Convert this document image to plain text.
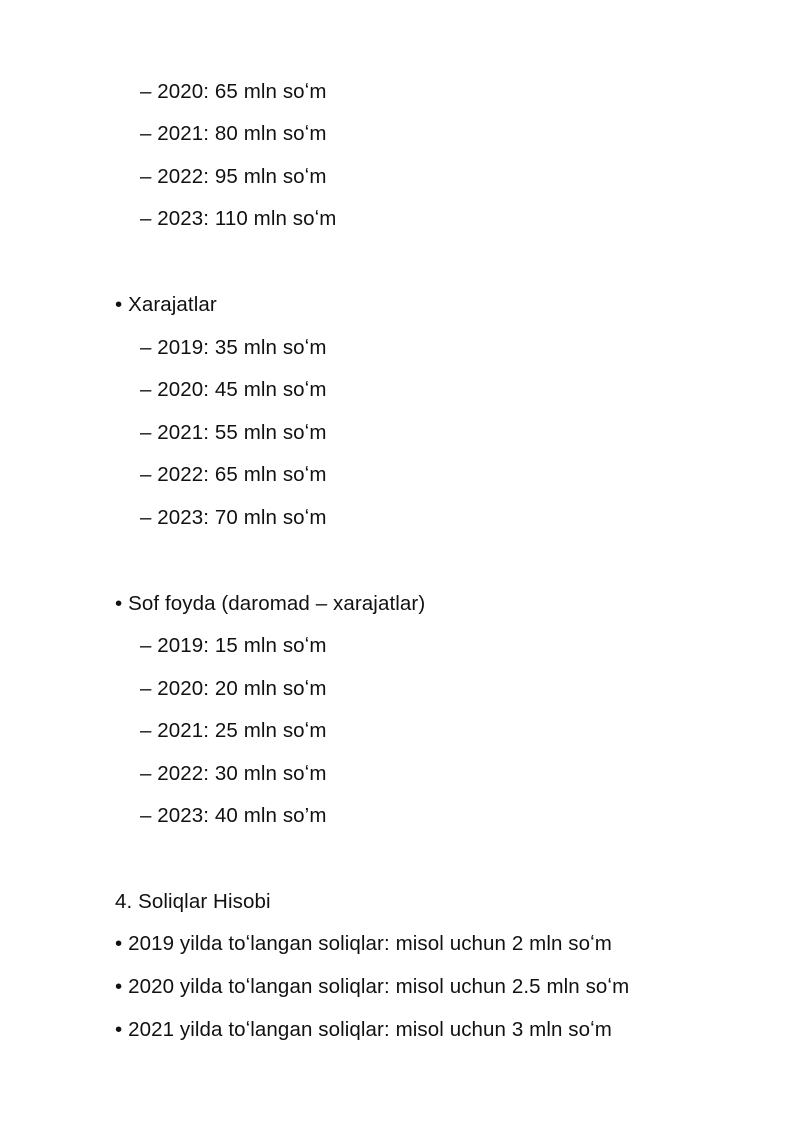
– 2020: 65 mln soʻm
– 2021: 80 mln soʻm
– 2022: 95 mln soʻm
– 2023: 110 mln soʻm
• Xarajatlar
– 2019: 35 mln soʻm
– 2020: 45 mln soʻm
– 2021: 55 mln soʻm
– 2022: 65 mln soʻm
– 2023: 70 mln soʻm
• Sof foyda (daromad – xarajatlar)
– 2019: 15 mln soʻm
– 2020: 20 mln soʻm
– 2021: 25 mln soʻm
– 2022: 30 mln soʻm
– 2023: 40 mln so’m
4. Soliqlar Hisobi
• 2019 yilda toʻlangan soliqlar: misol uchun 2 mln soʻm
• 2020 yilda toʻlangan soliqlar: misol uchun 2.5 mln soʻm
• 2021 yilda toʻlangan soliqlar: misol uchun 3 mln soʻm
